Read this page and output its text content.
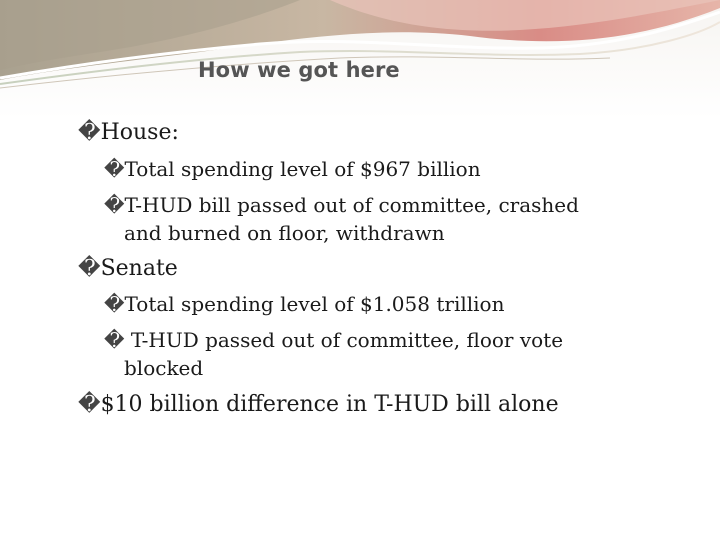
How we got here
�House:
�Total spending level of $967 billion
�T-HUD bill passed out of committee, crashed
and burned on floor, withdrawn
�Senate
�Total spending level of $1.058 trillion
� T-HUD passed out of committee, floor vote
blocked
�$10 billion difference in T-HUD bill alone
